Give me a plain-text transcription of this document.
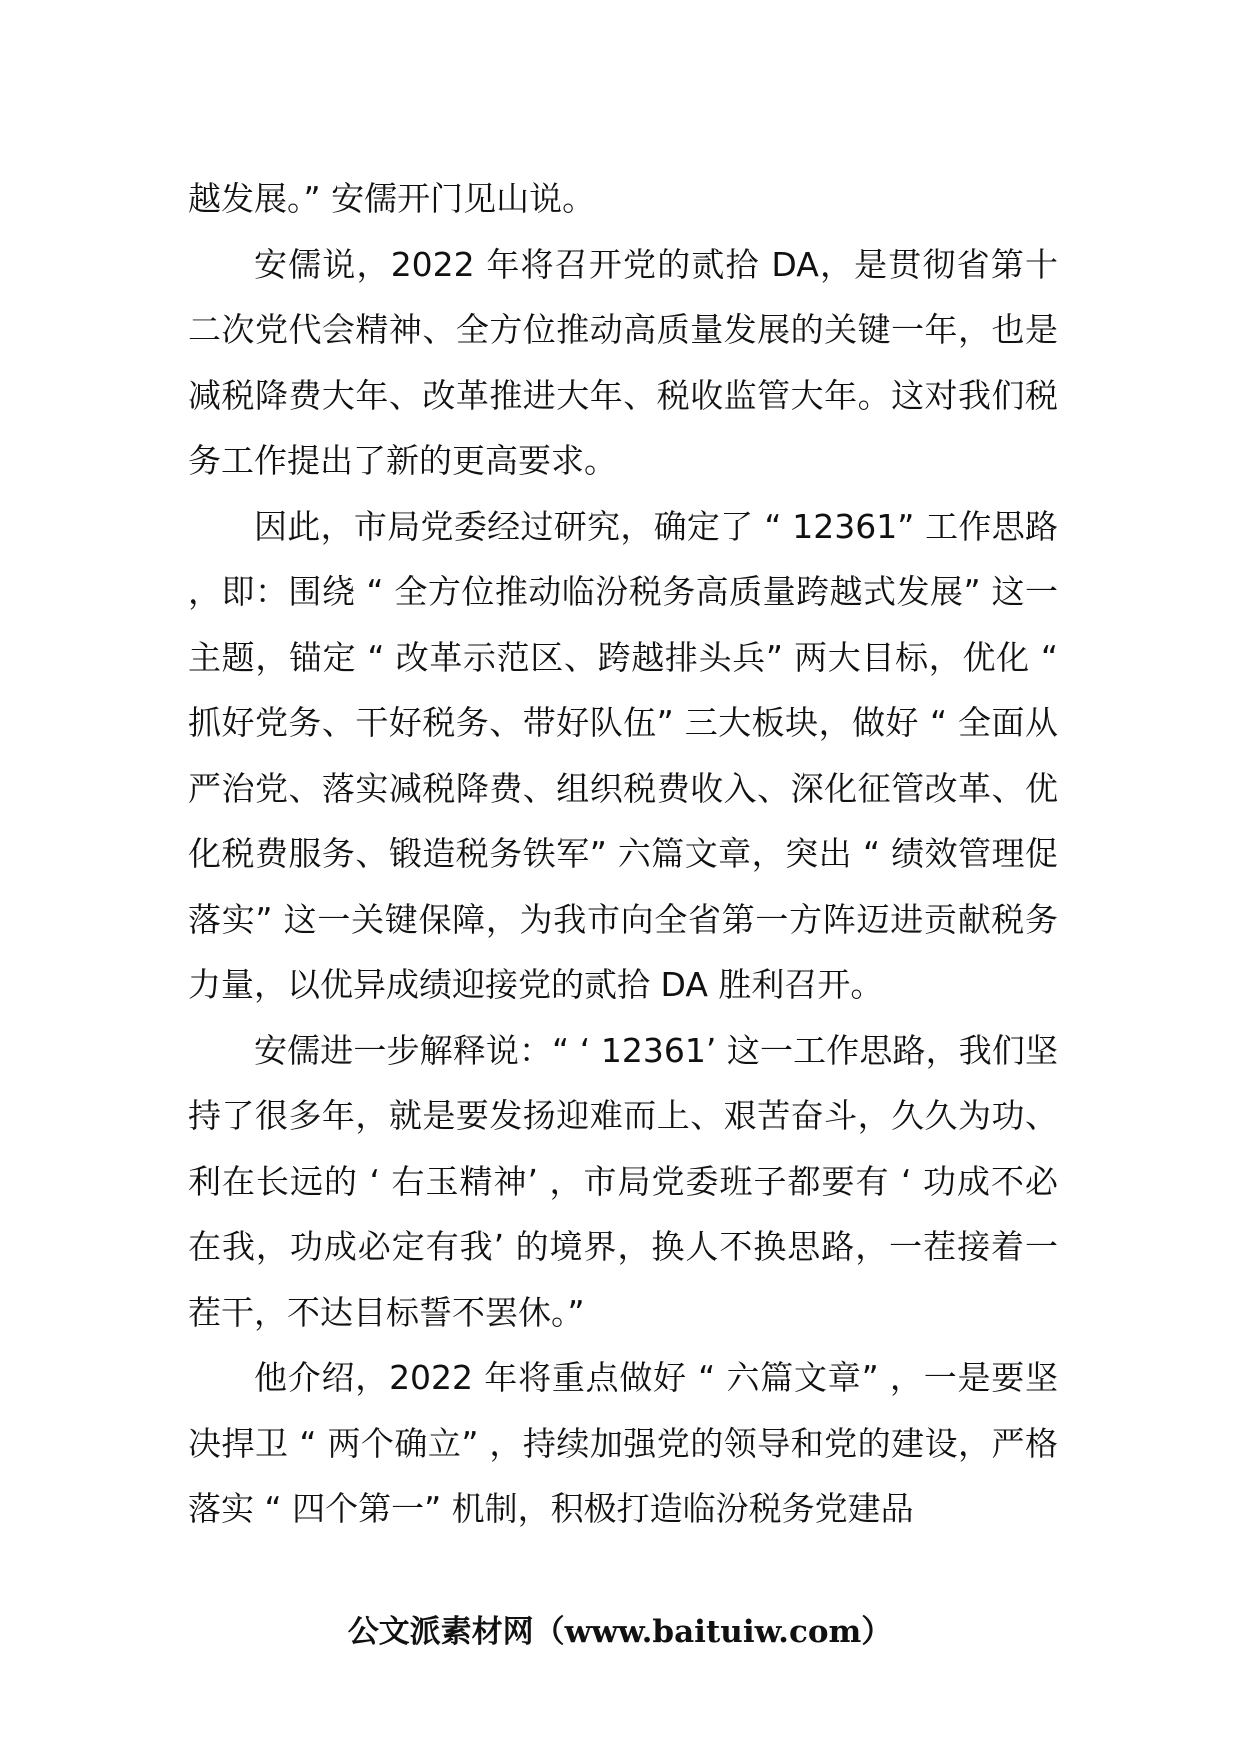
越发展。” 安儒开门见山说。

安儒说，2022 年将召开党的贰拾 DA，是贯彻省第十二次党代会精神、全方位推动高质量发展的关键一年，也是减税降费大年、改革推进大年、税收监管大年。这对我们税务工作提出了新的更高要求。

因此，市局党委经过研究，确定了 “ 12361” 工作思路，即：围绕 “ 全方位推动临汾税务高质量跨越式发展” 这一主题，锚定 “ 改革示范区、跨越排头兵” 两大目标，优化 “ 抓好党务、干好税务、带好队伍” 三大板块，做好 “ 全面从严治党、落实减税降费、组织税费收入、深化征管改革、优化税费服务、锻造税务铁军” 六篇文章，突出 “ 绩效管理促落实” 这一关键保障，为我市向全省第一方阵迈进贡献税务力量，以优异成绩迎接党的贰拾 DA 胜利召开。

安儒进一步解释说：“ ‘ 12361’ 这一工作思路，我们坚持了很多年，就是要发扬迎难而上、艰苦奋斗，久久为功、利在长远的 ‘ 右玉精神’ ，市局党委班子都要有 ‘ 功成不必在我，功成必定有我’ 的境界，换人不换思路，一茬接着一茬干，不达目标誓不罢休。”

他介绍，2022 年将重点做好 “ 六篇文章” ，一是要坚决捍卫 “ 两个确立” ，持续加强党的领导和党的建设，严格落实 “ 四个第一” 机制，积极打造临汾税务党建品

公文派素材网（www.baituiw.com）
